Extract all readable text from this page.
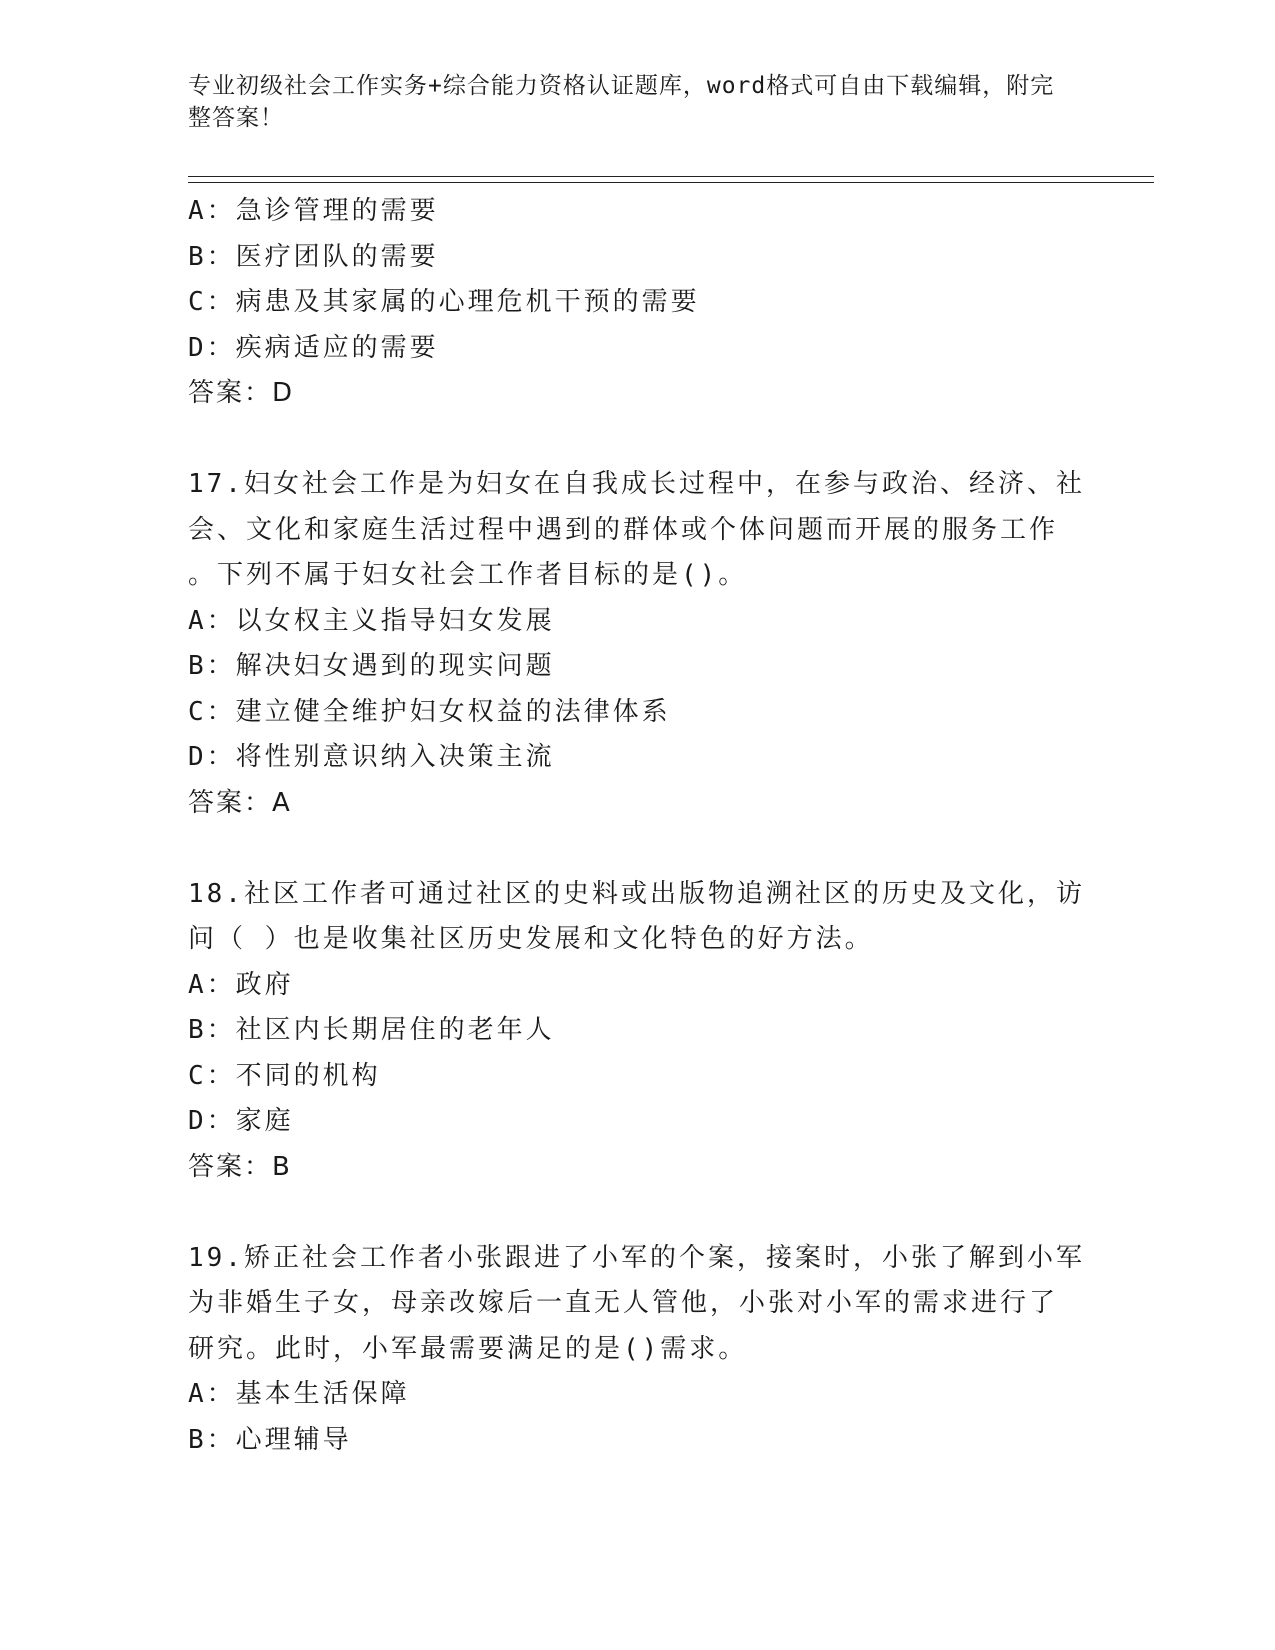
专业初级社会工作实务+综合能力资格认证题库，word格式可自由下载编辑，附完
整答案！
A：急诊管理的需要
B：医疗团队的需要
C：病患及其家属的心理危机干预的需要
D：疾病适应的需要
答案：D
17.妇女社会工作是为妇女在自我成长过程中，在参与政治、经济、社
会、文化和家庭生活过程中遇到的群体或个体问题而开展的服务工作
。下列不属于妇女社会工作者目标的是()。
A：以女权主义指导妇女发展
B：解决妇女遇到的现实问题
C：建立健全维护妇女权益的法律体系
D：将性别意识纳入决策主流
答案：A
18.社区工作者可通过社区的史料或出版物追溯社区的历史及文化，访
问（ ）也是收集社区历史发展和文化特色的好方法。
A：政府
B：社区内长期居住的老年人
C：不同的机构
D：家庭
答案：B
19.矫正社会工作者小张跟进了小军的个案，接案时，小张了解到小军
为非婚生子女，母亲改嫁后一直无人管他，小张对小军的需求进行了
研究。此时，小军最需要满足的是()需求。
A：基本生活保障
B：心理辅导
